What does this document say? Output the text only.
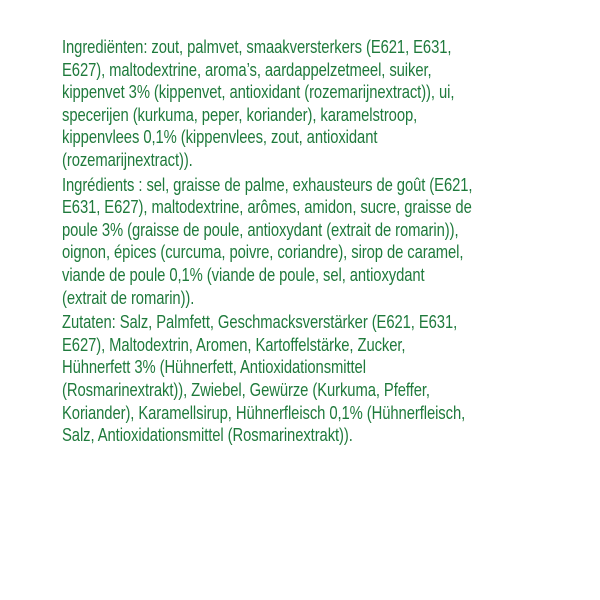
Ingrediënten: zout, palmvet, smaakversterkers (E621, E631,
E627), maltodextrine, aroma’s, aardappelzetmeel, suiker,
kippenvet 3% (kippenvet, antioxidant (rozemarijnextract)), ui,
specerijen (kurkuma, peper, koriander), karamelstroop,
kippenvlees 0,1% (kippenvlees, zout, antioxidant
(rozemarijnextract)).
Ingrédients : sel, graisse de palme, exhausteurs de goût (E621,
E631, E627), maltodextrine, arômes, amidon, sucre, graisse de
poule 3% (graisse de poule, antioxydant (extrait de romarin)),
oignon, épices (curcuma, poivre, coriandre), sirop de caramel,
viande de poule 0,1% (viande de poule, sel, antioxydant
(extrait de romarin)).
Zutaten: Salz, Palmfett, Geschmacksverstärker (E621, E631,
E627), Maltodextrin, Aromen, Kartoffelstärke, Zucker,
Hühnerfett 3% (Hühnerfett, Antioxidationsmittel
(Rosmarinextrakt)), Zwiebel, Gewürze (Kurkuma, Pfeffer,
Koriander), Karamellsirup, Hühnerfleisch 0,1% (Hühnerfleisch,
Salz, Antioxidationsmittel (Rosmarinextrakt)).
